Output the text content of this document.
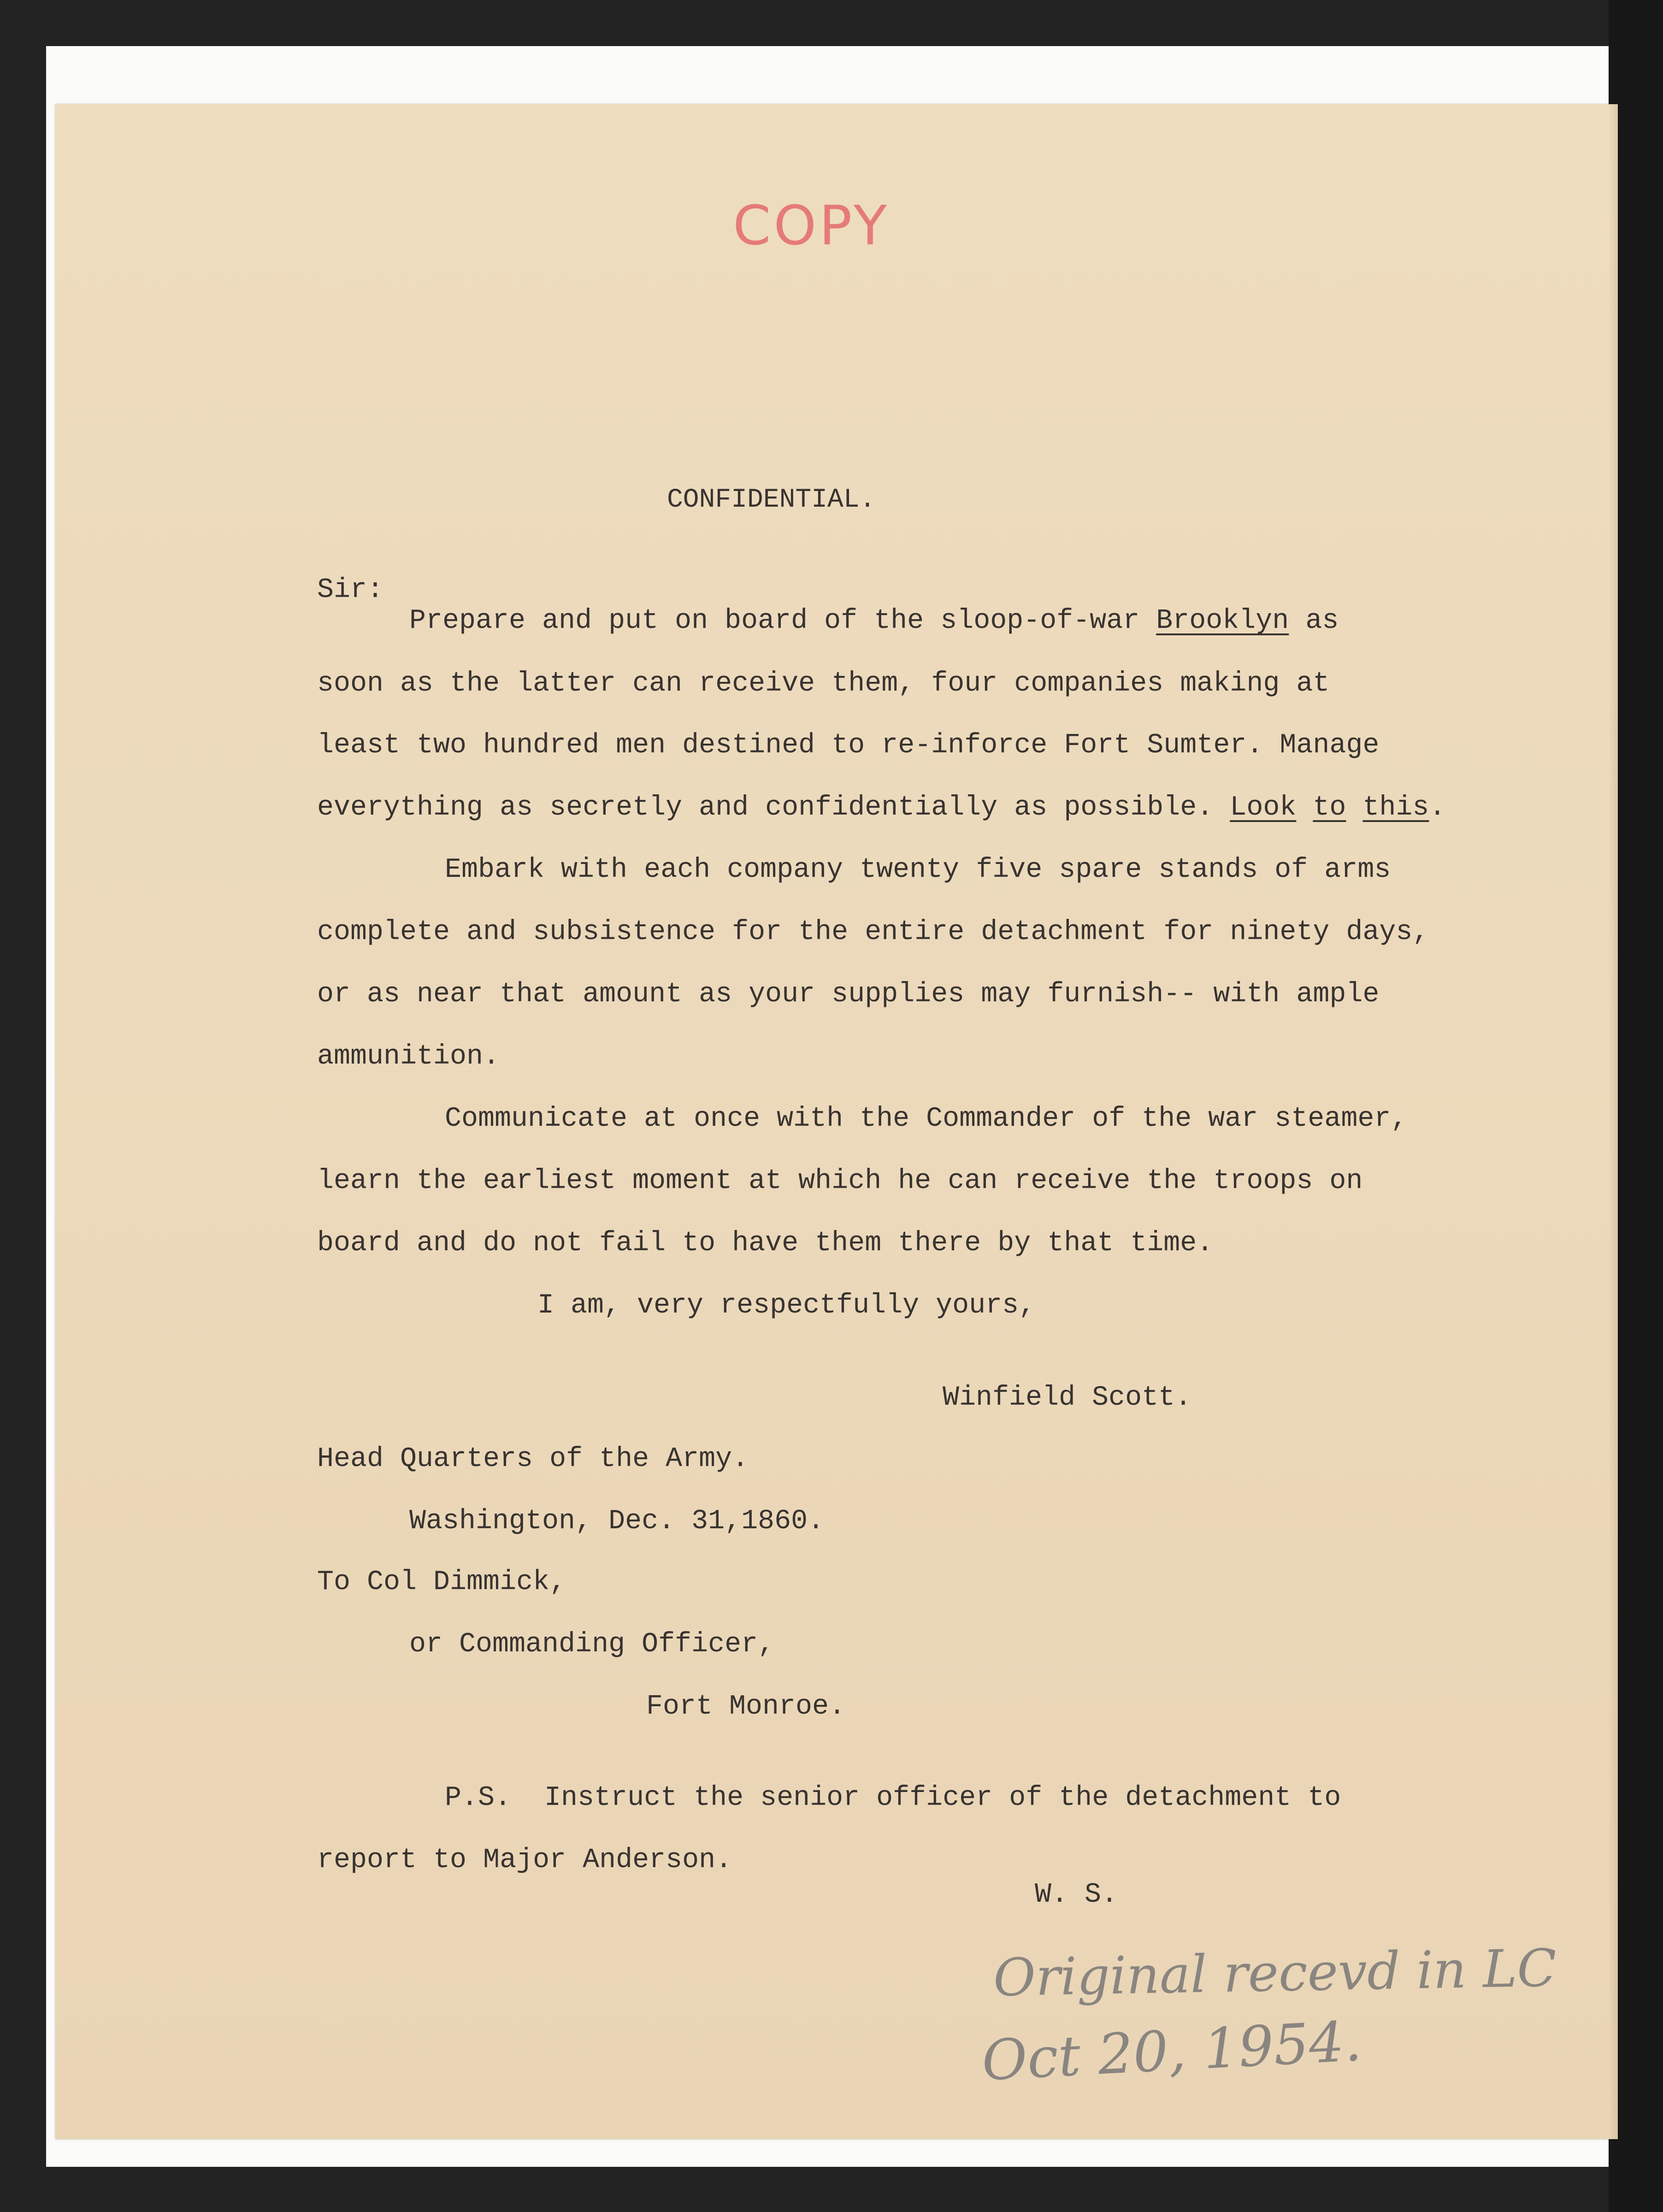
COPY
CONFIDENTIAL.

Sir:

Prepare and put on board of the sloop-of-war Brooklyn as

soon as the latter can receive them, four companies making at

least two hundred men destined to re-inforce Fort Sumter. Manage

everything as secretly and confidentially as possible. Look to this.

Embark with each company twenty five spare stands of arms

complete and subsistence for the entire detachment for ninety days,

or as near that amount as your supplies may furnish-- with ample

ammunition.

Communicate at once with the Commander of the war steamer,

learn the earliest moment at which he can receive the troops on

board and do not fail to have them there by that time.

I am, very respectfully yours,

Winfield Scott.

Head Quarters of the Army.

Washington, Dec. 31,1860.

To Col Dimmick,

or Commanding Officer,

Fort Monroe.

P.S.  Instruct the senior officer of the detachment to

report to Major Anderson.

W. S.

Original recevd in LC

Oct 20, 1954.
